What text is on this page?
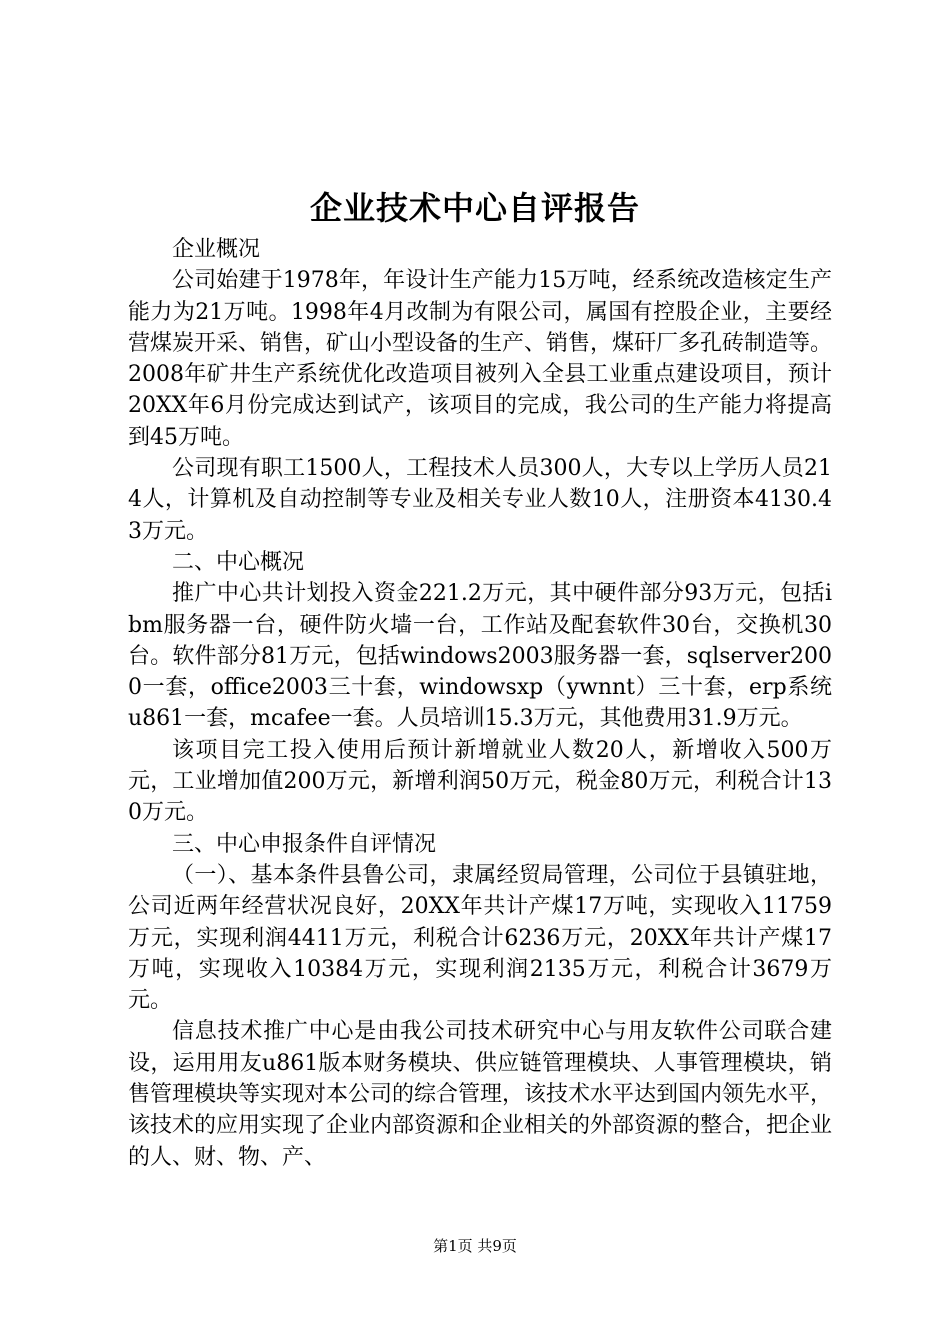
企业技术中心自评报告

企业概况

公司始建于1978年，年设计生产能力15万吨，经系统改造核定生产能力为21万吨。1998年4月改制为有限公司，属国有控股企业，主要经营煤炭开采、销售，矿山小型设备的生产、销售，煤矸厂多孔砖制造等。2008年矿井生产系统优化改造项目被列入全县工业重点建设项目，预计20XX年6月份完成达到试产，该项目的完成，我公司的生产能力将提高到45万吨。

公司现有职工1500人，工程技术人员300人，大专以上学历人员214人，计算机及自动控制等专业及相关专业人数10人，注册资本4130.43万元。

二、中心概况

推广中心共计划投入资金221.2万元，其中硬件部分93万元，包括ibm服务器一台，硬件防火墙一台，工作站及配套软件30台，交换机30台。软件部分81万元，包括windows2003服务器一套，sqlserver2000一套，office2003三十套，windowsxp（ywnnt）三十套，erp系统u861一套，mcafee一套。人员培训15.3万元，其他费用31.9万元。

该项目完工投入使用后预计新增就业人数20人，新增收入500万元，工业增加值200万元，新增利润50万元，税金80万元，利税合计130万元。

三、中心申报条件自评情况

（一）、基本条件县鲁公司，隶属经贸局管理，公司位于县镇驻地，公司近两年经营状况良好，20XX年共计产煤17万吨，实现收入11759万元，实现利润4411万元，利税合计6236万元，20XX年共计产煤17万吨，实现收入10384万元，实现利润2135万元，利税合计3679万元。

信息技术推广中心是由我公司技术研究中心与用友软件公司联合建设，运用用友u861版本财务模块、供应链管理模块、人事管理模块，销售管理模块等实现对本公司的综合管理，该技术水平达到国内领先水平，该技术的应用实现了企业内部资源和企业相关的外部资源的整合，把企业的人、财、物、产、

第1页 共9页
